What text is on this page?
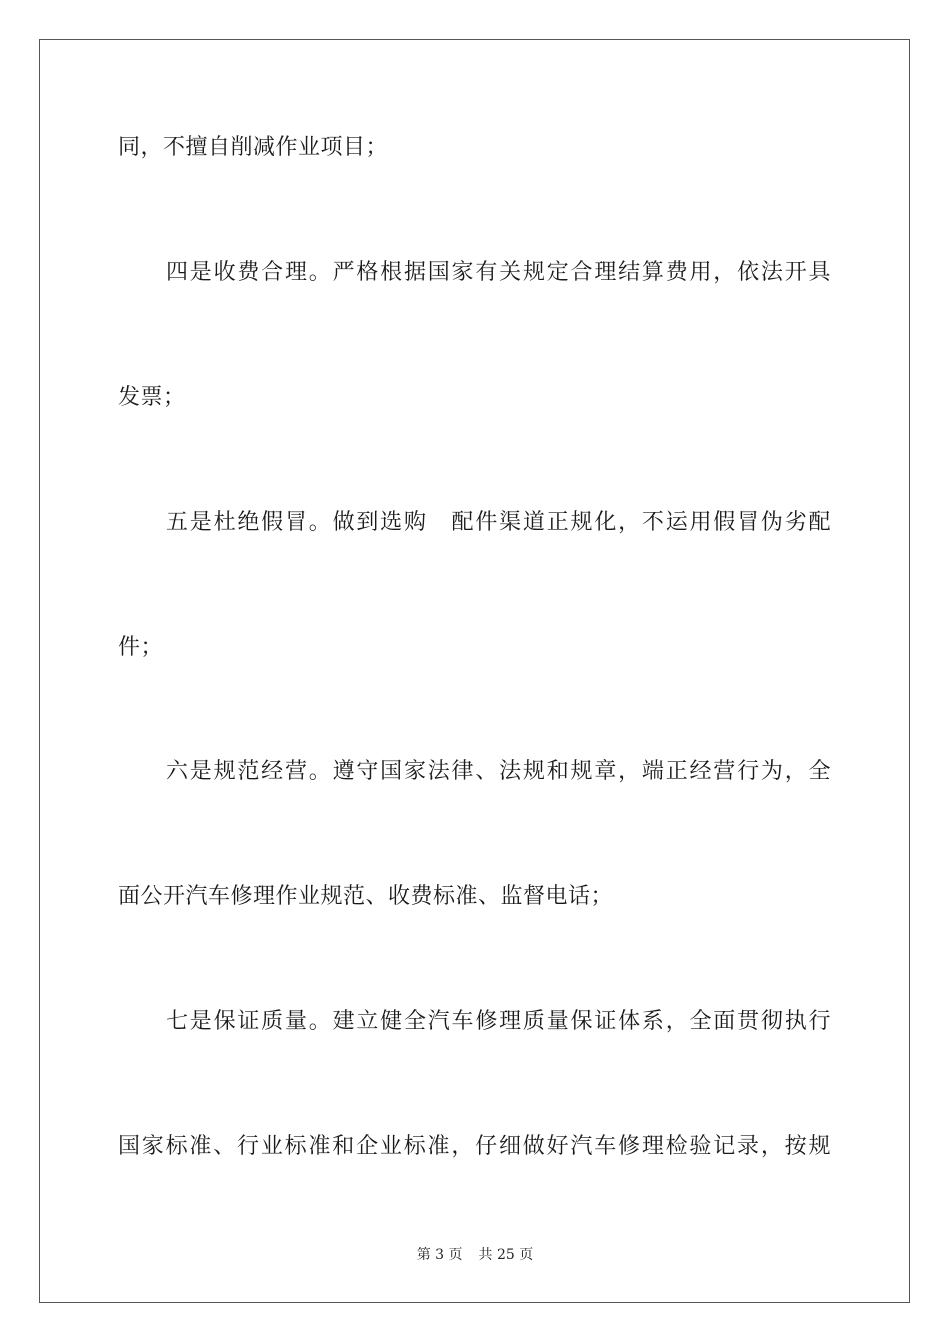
同，不擅自削减作业项目；
四是收费合理。严格根据国家有关规定合理结算费用，依法开具
发票；
五是杜绝假冒。做到选购　配件渠道正规化，不运用假冒伪劣配
件；
六是规范经营。遵守国家法律、法规和规章，端正经营行为，全
面公开汽车修理作业规范、收费标准、监督电话；
七是保证质量。建立健全汽车修理质量保证体系，全面贯彻执行
国家标准、行业标准和企业标准，仔细做好汽车修理检验记录，按规
第 3 页 共 25 页
